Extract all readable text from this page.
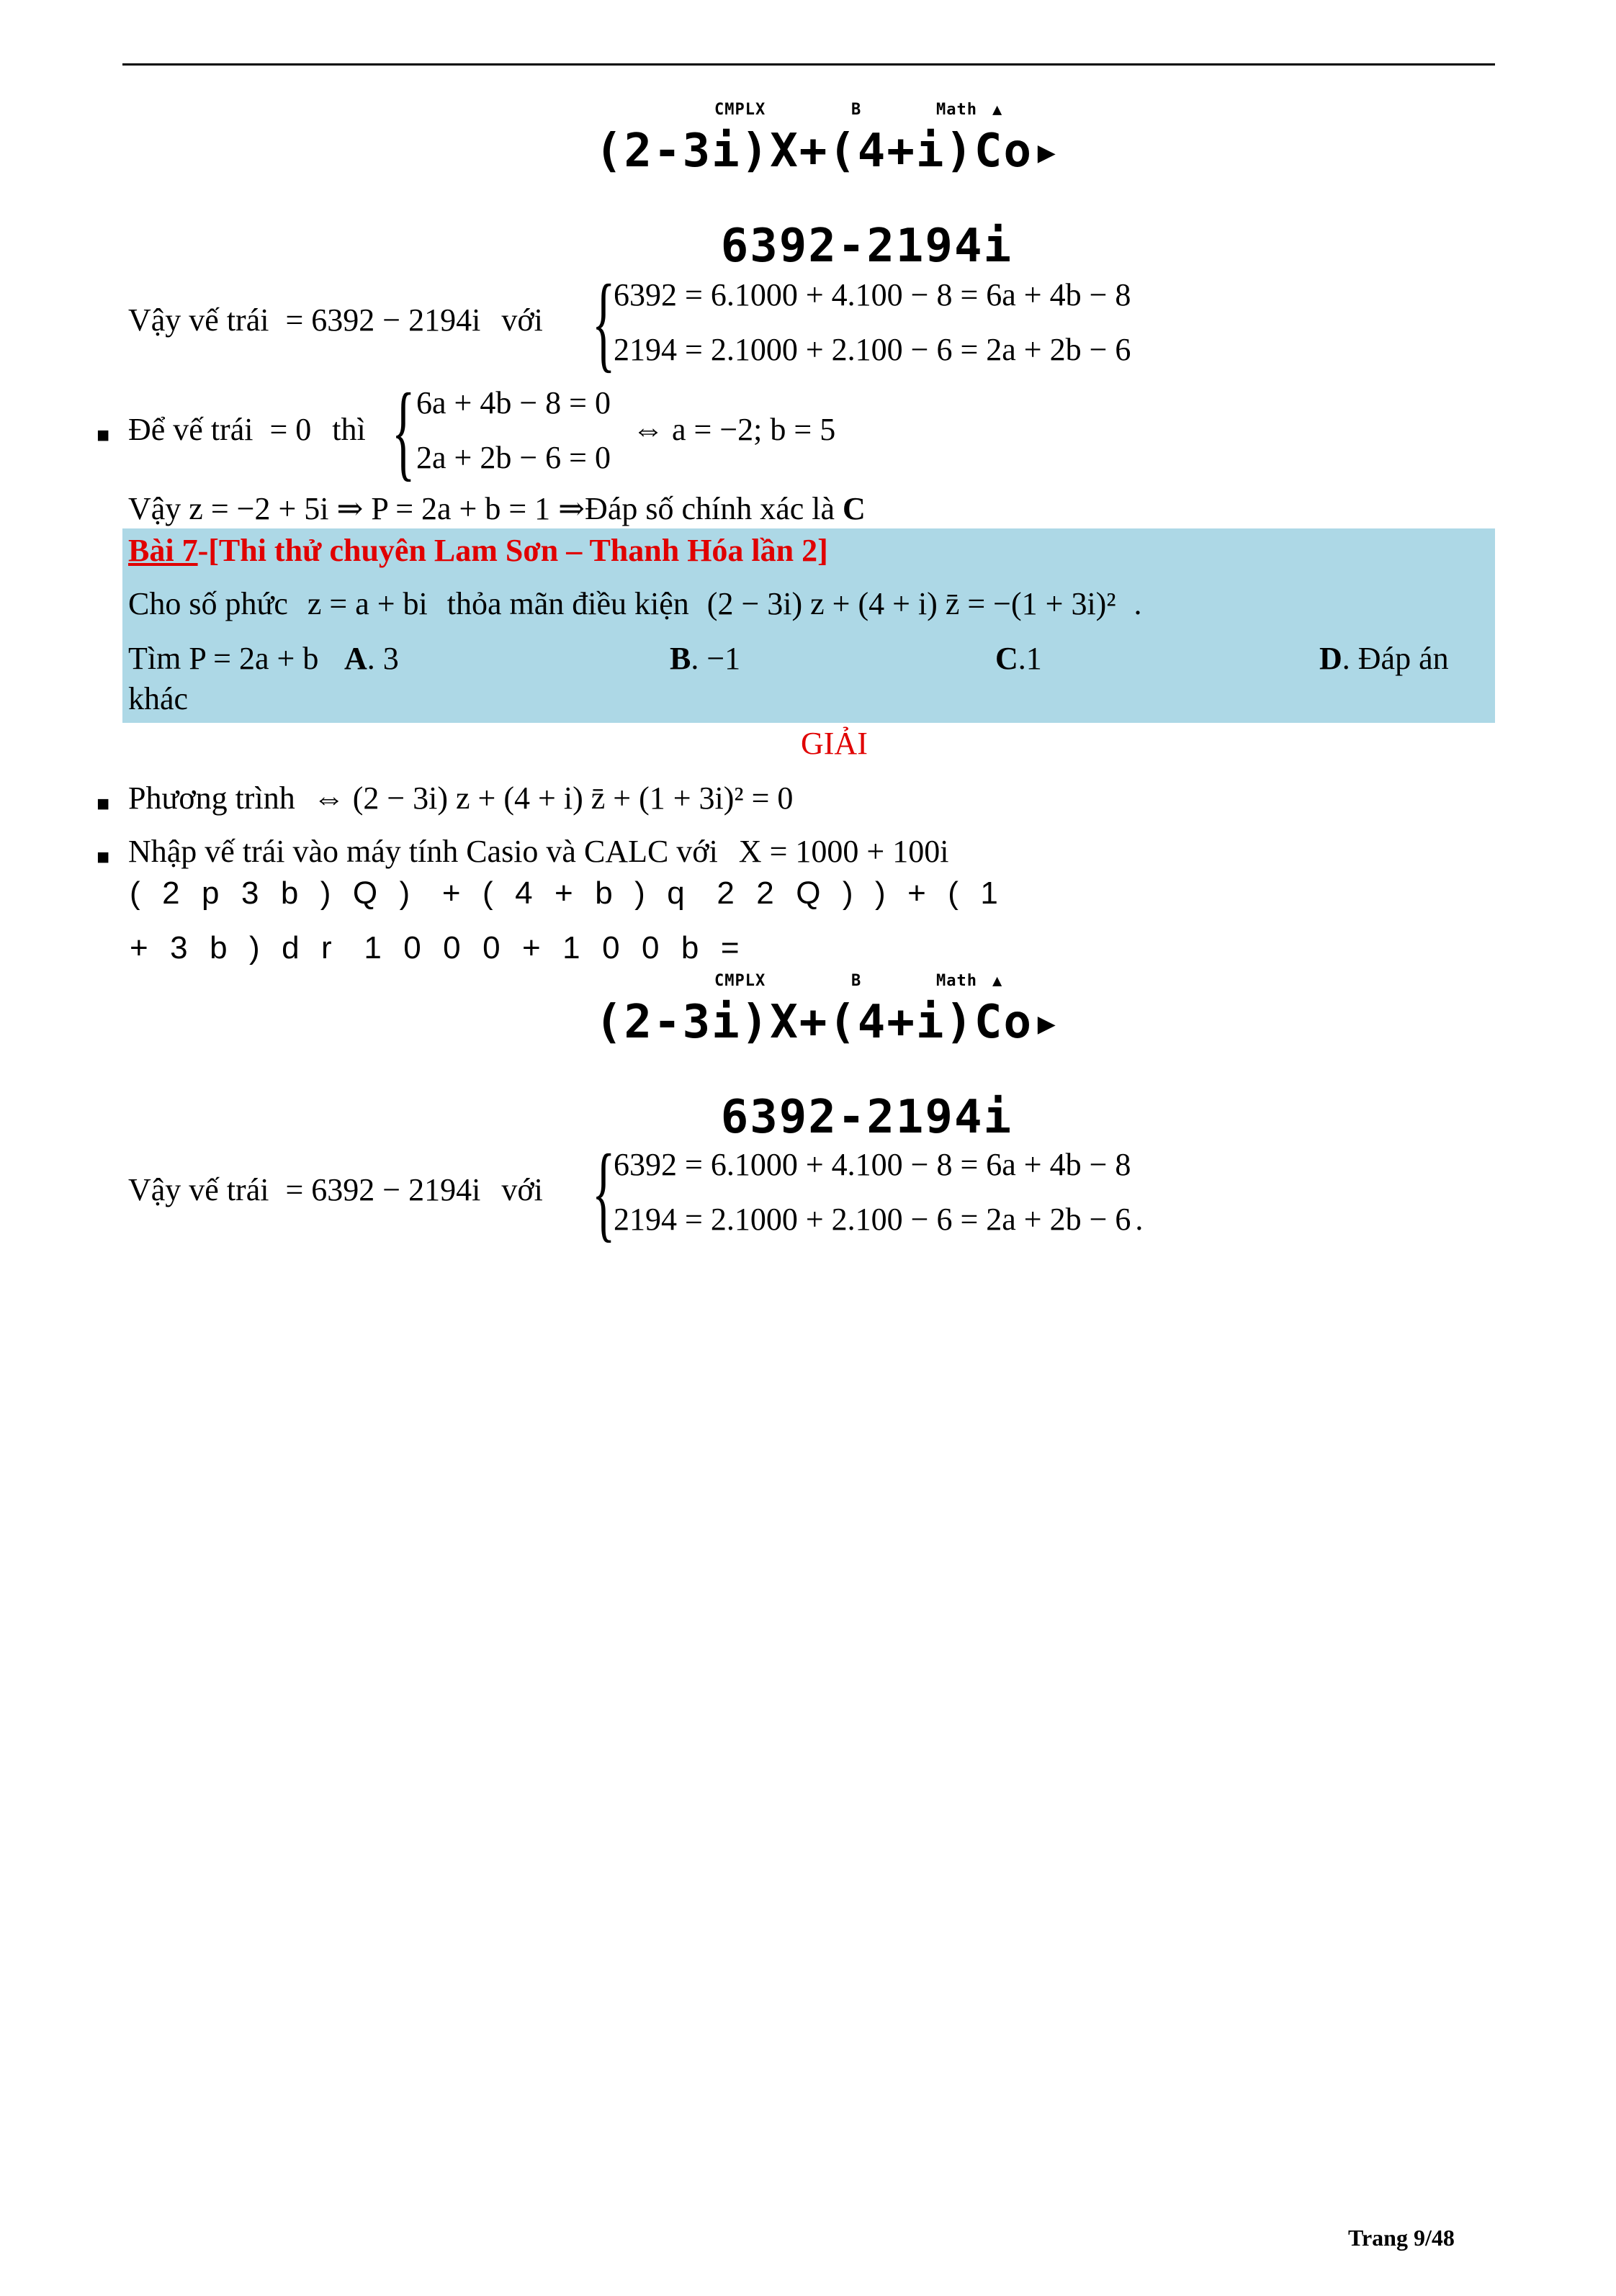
CMPLX	B	Math ▲
(2-3i)X+(4+i)Co▸
6392-2194i
Vậy vế trái = 6392 − 2194i với {
6392 = 6.1000 + 4.100 − 8 = 6a + 4b − 8
2194 = 2.1000 + 2.100 − 6 = 2a + 2b − 6
■ Để vế trái = 0 thì { 6a + 4b − 8 = 0
2a + 2b − 6 = 0
⇔ a = −2; b = 5
Vậy z = −2 + 5i ⇒ P = 2a + b = 1 ⇒Đáp số chính xác là C
Bài 7-[Thi thử chuyên Lam Sơn – Thanh Hóa lần 2]
Cho số phức z = a + bi thỏa mãn điều kiện (2 − 3i) z + (4 + i) z̄ = −(1 + 3i)² .
Tìm P = 2a + b A. 3	B. −1	C.1	D. Đáp án
khác
GIẢI
■ Phương trình ⇔ (2 − 3i) z + (4 + i) z̄ + (1 + 3i)² = 0
■ Nhập vế trái vào máy tính Casio và CALC với X = 1000 + 100i
(  2  p  3  b  )  Q  )   +  (  4  +  b  )  q   2  2  Q  )  )  +  (  1
+  3  b  )  d  r   1  0  0  0  +  1  0  0  b  =
CMPLX	B	Math ▲
(2-3i)X+(4+i)Co▸
6392-2194i
Vậy vế trái = 6392 − 2194i với {
6392 = 6.1000 + 4.100 − 8 = 6a + 4b − 8
2194 = 2.1000 + 2.100 − 6 = 2a + 2b − 6 .
Trang 9/48
